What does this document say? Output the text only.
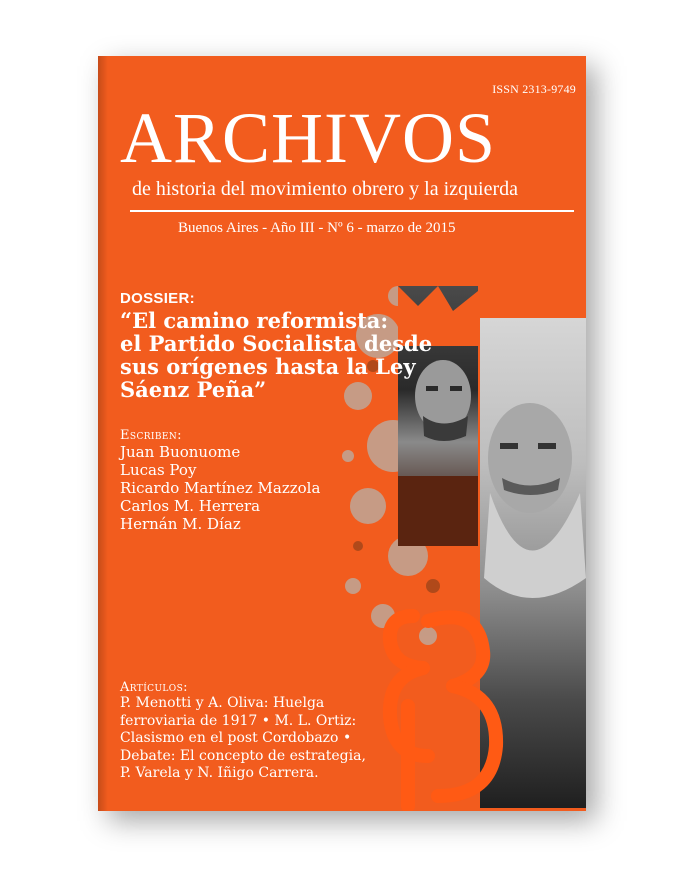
ISSN 2313-9749
ARCHIVOS
de historia del movimiento obrero y la izquierda
Buenos Aires - Año III - Nº 6 - marzo de 2015
DOSSIER:
“El camino reformista:
el Partido Socialista desde
sus orígenes hasta la Ley
Sáenz Peña”
Escriben:
Juan Buonuome
Lucas Poy
Ricardo Martínez Mazzola
Carlos M. Herrera
Hernán M. Díaz
Artículos:
P. Menotti y A. Oliva: Huelga
ferroviaria de 1917 • M. L. Ortiz:
Clasismo en el post Cordobazo •
Debate: El concepto de estrategia,
P. Varela y N. Iñigo Carrera.
